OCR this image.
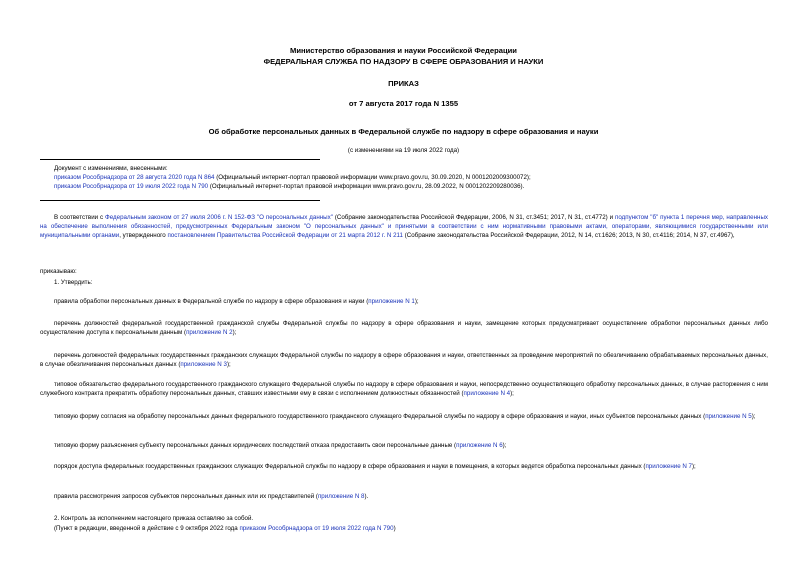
Министерство образования и науки Российской Федерации
ФЕДЕРАЛЬНАЯ СЛУЖБА ПО НАДЗОРУ В СФЕРЕ ОБРАЗОВАНИЯ И НАУКИ
ПРИКАЗ
от 7 августа 2017 года N 1355
Об обработке персональных данных в Федеральной службе по надзору в сфере образования и науки
(с изменениями на 19 июля 2022 года)

Документ с изменениями, внесенными:

приказом Рособрнадзора от 28 августа 2020 года N 864 (Официальный интернет-портал правовой информации www.pravo.gov.ru, 30.09.2020, N 0001202009300072);

приказом Рособрнадзора от 19 июля 2022 года N 790 (Официальный интернет-портал правовой информации www.pravo.gov.ru, 28.09.2022, N 0001202209280036).

В соответствии с Федеральным законом от 27 июля 2006 г. N 152-ФЗ "О персональных данных" (Собрание законодательства Российской Федерации, 2006, N 31, ст.3451; 2017, N 31, ст.4772) и подпунктом "б" пункта 1 перечня мер, направленных на обеспечение выполнения обязанностей, предусмотренных Федеральным законом "О персональных данных" и принятыми в соответствии с ним нормативными правовыми актами, операторами, являющимися государственными или муниципальными органами, утвержденного постановлением Правительства Российской Федерации от 21 марта 2012 г. N 211 (Собрание законодательства Российской Федерации, 2012, N 14, ст.1626; 2013, N 30, ст.4116; 2014, N 37, ст.4967),
приказываю:
1. Утвердить:
правила обработки персональных данных в Федеральной службе по надзору в сфере образования и науки (приложение N 1);
перечень должностей федеральной государственной гражданской службы Федеральной службы по надзору в сфере образования и науки, замещение которых предусматривает осуществление обработки персональных данных либо осуществление доступа к персональным данным (приложение N 2);
перечень должностей федеральных государственных гражданских служащих Федеральной службы по надзору в сфере образования и науки, ответственных за проведение мероприятий по обезличиванию обрабатываемых персональных данных, в случае обезличивания персональных данных (приложение N 3);
типовое обязательство федерального государственного гражданского служащего Федеральной службы по надзору в сфере образования и науки, непосредственно осуществляющего обработку персональных данных, в случае расторжения с ним служебного контракта прекратить обработку персональных данных, ставших известными ему в связи с исполнением должностных обязанностей (приложение N 4);
типовую форму согласия на обработку персональных данных федерального государственного гражданского служащего Федеральной службы по надзору в сфере образования и науки, иных субъектов персональных данных (приложение N 5);
типовую форму разъяснения субъекту персональных данных юридических последствий отказа предоставить свои персональные данные (приложение N 6);
порядок доступа федеральных государственных гражданских служащих Федеральной службы по надзору в сфере образования и науки в помещения, в которых ведется обработка персональных данных (приложение N 7);
правила рассмотрения запросов субъектов персональных данных или их представителей (приложение N 8).
2. Контроль за исполнением настоящего приказа оставляю за собой.
(Пункт в редакции, введенной в действие с 9 октября 2022 года приказом Рособрнадзора от 19 июля 2022 года N 790)
